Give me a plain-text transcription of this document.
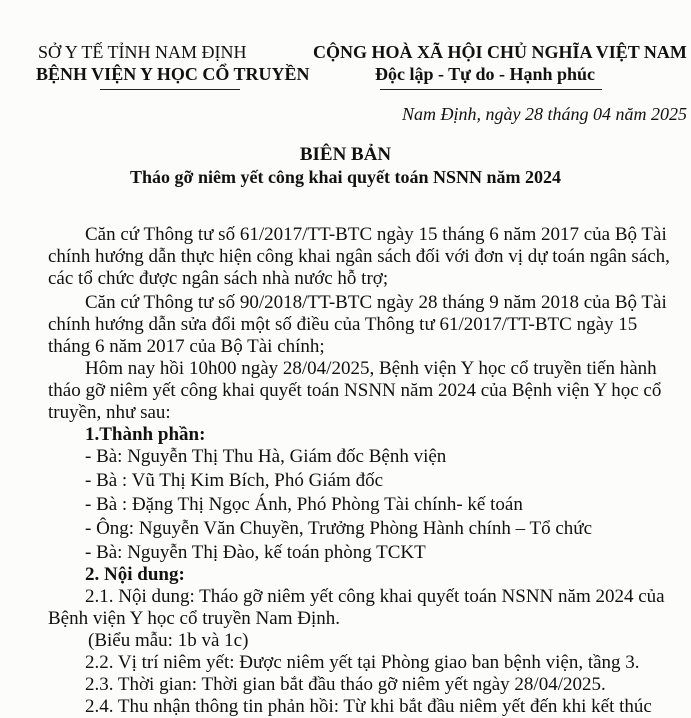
SỞ Y TẾ TỈNH NAM ĐỊNH
BỆNH VIỆN Y HỌC CỔ TRUYỀN
CỘNG HOÀ XÃ HỘI CHỦ NGHĨA VIỆT NAM
Độc lập - Tự do - Hạnh phúc
Nam Định, ngày 28 tháng 04 năm 2025
BIÊN BẢN
Tháo gỡ niêm yết công khai quyết toán NSNN năm 2024
Căn cứ Thông tư số 61/2017/TT-BTC ngày 15 tháng 6 năm 2017 của Bộ Tài
chính hướng dẫn thực hiện công khai ngân sách đối với đơn vị dự toán ngân sách,
các tổ chức được ngân sách nhà nước hỗ trợ;
Căn cứ Thông tư số 90/2018/TT-BTC ngày 28 tháng 9 năm 2018 của Bộ Tài
chính hướng dẫn sửa đổi một số điều của Thông tư 61/2017/TT-BTC ngày 15
tháng 6 năm 2017 của Bộ Tài chính;
Hôm nay hồi 10h00 ngày 28/04/2025, Bệnh viện Y học cổ truyền tiến hành
tháo gỡ niêm yết công khai quyết toán NSNN năm 2024 của Bệnh viện Y học cổ
truyền, như sau:
1.Thành phần:
- Bà: Nguyễn Thị Thu Hà, Giám đốc Bệnh viện
- Bà : Vũ Thị Kim Bích, Phó Giám đốc
- Bà : Đặng Thị Ngọc Ánh, Phó Phòng Tài chính- kế toán
- Ông: Nguyễn Văn Chuyền, Trưởng Phòng Hành chính – Tổ chức
- Bà: Nguyễn Thị Đào, kế toán phòng TCKT
2. Nội dung:
2.1. Nội dung: Tháo gỡ niêm yết công khai quyết toán NSNN năm 2024 của
Bệnh viện Y học cổ truyền Nam Định.
(Biểu mẫu: 1b và 1c)
2.2. Vị trí niêm yết: Được niêm yết tại Phòng giao ban bệnh viện, tầng 3.
2.3. Thời gian: Thời gian bắt đầu tháo gỡ niêm yết ngày 28/04/2025.
2.4. Thu nhận thông tin phản hồi: Từ khi bắt đầu niêm yết đến khi kết thúc
